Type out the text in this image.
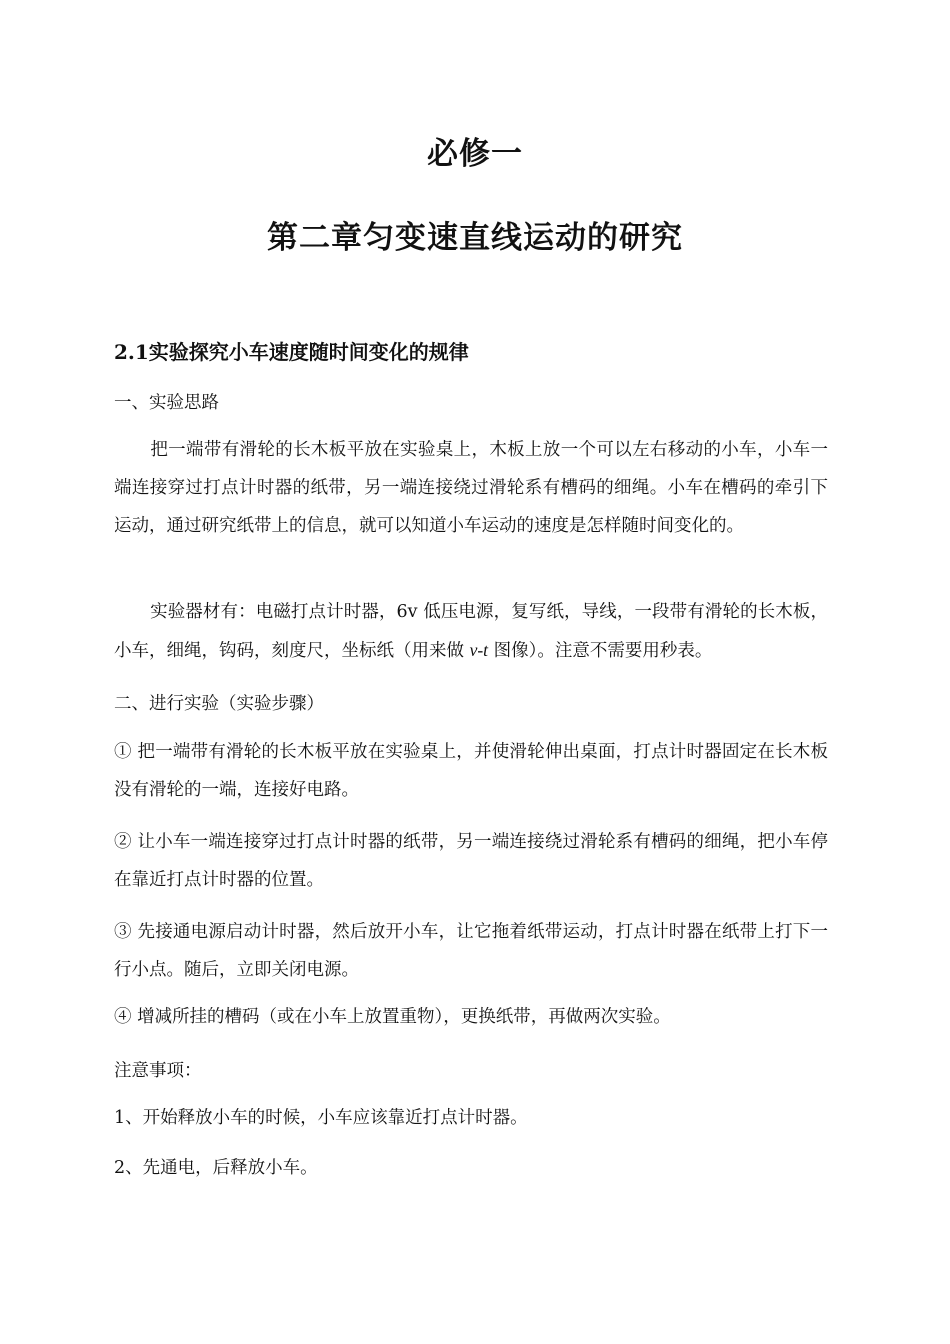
必修一
第二章匀变速直线运动的研究
2.1实验探究小车速度随时间变化的规律
一、实验思路
把一端带有滑轮的长木板平放在实验桌上，木板上放一个可以左右移动的小车，小车一端连接穿过打点计时器的纸带，另一端连接绕过滑轮系有槽码的细绳。小车在槽码的牵引下运动，通过研究纸带上的信息，就可以知道小车运动的速度是怎样随时间变化的。
实验器材有：电磁打点计时器，6v 低压电源，复写纸，导线，一段带有滑轮的长木板，小车，细绳，钩码，刻度尺，坐标纸（用来做 v-t 图像）。注意不需要用秒表。
二、进行实验（实验步骤）
① 把一端带有滑轮的长木板平放在实验桌上，并使滑轮伸出桌面，打点计时器固定在长木板没有滑轮的一端，连接好电路。
② 让小车一端连接穿过打点计时器的纸带，另一端连接绕过滑轮系有槽码的细绳，把小车停在靠近打点计时器的位置。
③ 先接通电源启动计时器，然后放开小车，让它拖着纸带运动，打点计时器在纸带上打下一行小点。随后，立即关闭电源。
④ 增减所挂的槽码（或在小车上放置重物），更换纸带，再做两次实验。
注意事项：
1、开始释放小车的时候，小车应该靠近打点计时器。
2、先通电，后释放小车。
